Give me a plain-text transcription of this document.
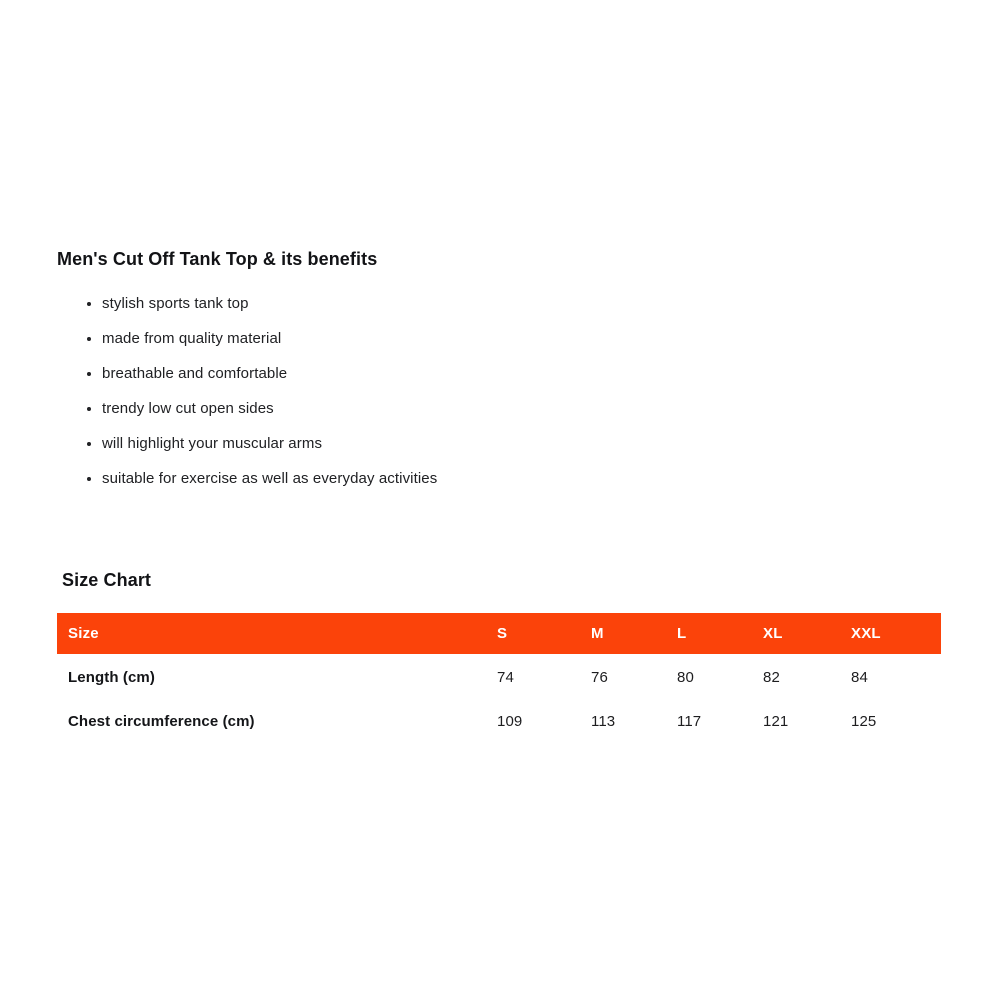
Men's Cut Off Tank Top & its benefits
• stylish sports tank top
• made from quality material
• breathable and comfortable
• trendy low cut open sides
• will highlight your muscular arms
• suitable for exercise as well as everyday activities
Size Chart
Size	S	M	L	XL	XXL
Length (cm)	74	76	80	82	84
Chest circumference (cm)	109	113	117	121	125
